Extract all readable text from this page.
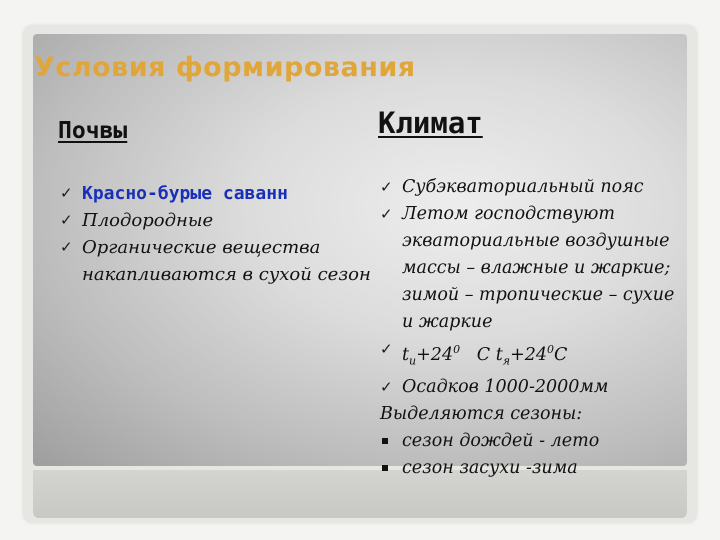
Условия формирования
Почвы	Климат
✓ Красно-бурые саванн
✓ Плодородные
✓ Органические вещества
накапливаются в сухой сезон
✓ Субэкваториальный пояс
✓ Летом господствуют
экваториальные воздушные
массы – влажные и жаркие;
зимой – тропические – сухие
и жаркие
✓ $t_и+24^0$ C $t_я+24^0C$
✓ Осадков 1000-2000мм
Выделяются сезоны:
сезон дождей - лето
сезон засухи -зима
